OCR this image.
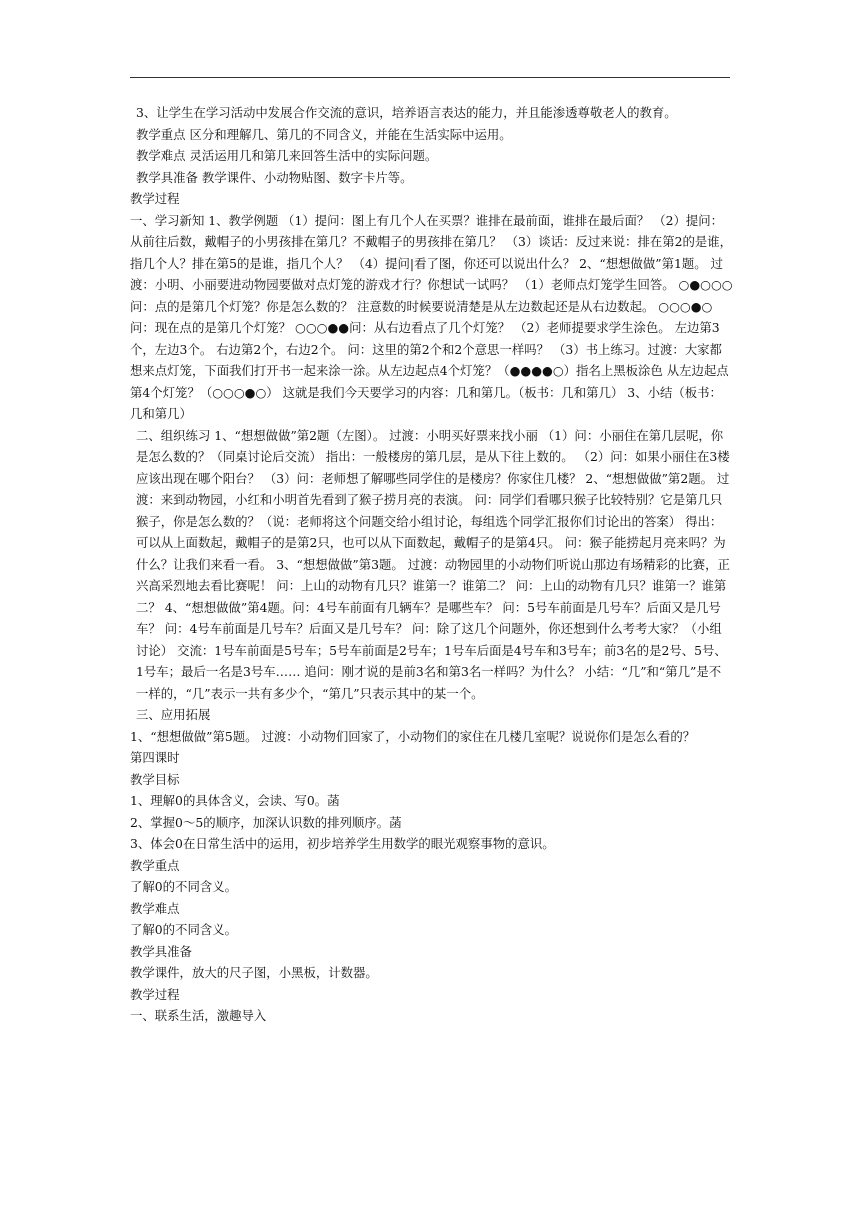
3、让学生在学习活动中发展合作交流的意识，培养语言表达的能力，并且能渗透尊敬老人的教育。

教学重点 区分和理解几、第几的不同含义，并能在生活实际中运用。

教学难点 灵活运用几和第几来回答生活中的实际问题。

教学具准备 教学课件、小动物贴图、数字卡片等。

教学过程

一、学习新知 1、教学例题 （1）提问：图上有几个人在买票？谁排在最前面，谁排在最后面？ （2）提问：从前往后数，戴帽子的小男孩排在第几？不戴帽子的男孩排在第几？ （3）谈话：反过来说：排在第2的是谁，指几个人？排在第5的是谁，指几个人？ （4）提问|看了图，你还可以说出什么？ 2、“想想做做”第1题。 过渡：小明、小丽要进动物园要做对点灯笼的游戏才行？你想试一试吗？ （1）老师点灯笼学生回答。 ○●○○○问：点的是第几个灯笼？你是怎么数的？ 注意数的时候要说清楚是从左边数起还是从右边数起。 ○○○●○问：现在点的是第几个灯笼？ ○○○●●问：从右边看点了几个灯笼？ （2）老师提要求学生涂色。 左边第3个，左边3个。 右边第2个，右边2个。 问：这里的第2个和2个意思一样吗？ （3）书上练习。过渡：大家都想来点灯笼，下面我们打开书一起来涂一涂。从左边起点4个灯笼？（●●●●○）指名上黑板涂色 从左边起点第4个灯笼？（○○○●○） 这就是我们今天要学习的内容：几和第几。（板书：几和第几） 3、小结（板书：几和第几）

二、组织练习 1、“想想做做”第2题（左图）。 过渡：小明买好票来找小丽 （1）问：小丽住在第几层呢，你是怎么数的？（同桌讨论后交流） 指出：一般楼房的第几层，是从下往上数的。 （2）问：如果小丽住在3楼应该出现在哪个阳台？ （3）问：老师想了解哪些同学住的是楼房？你家住几楼？ 2、“想想做做”第2题。 过渡：来到动物园，小红和小明首先看到了猴子捞月亮的表演。 问：同学们看哪只猴子比较特别？它是第几只猴子，你是怎么数的？（说：老师将这个问题交给小组讨论，每组选个同学汇报你们讨论出的答案） 得出：可以从上面数起，戴帽子的是第2只，也可以从下面数起，戴帽子的是第4只。 问：猴子能捞起月亮来吗？为什么？让我们来看一看。 3、“想想做做”第3题。 过渡：动物园里的小动物们听说山那边有场精彩的比赛，正兴高采烈地去看比赛呢！ 问：上山的动物有几只？谁第一？谁第二？ 问：上山的动物有几只？谁第一？谁第二？ 4、“想想做做”第4题。问：4号车前面有几辆车？是哪些车？ 问：5号车前面是几号车？后面又是几号车？ 问：4号车前面是几号车？后面又是几号车？ 问：除了这几个问题外，你还想到什么考考大家？（小组讨论） 交流：1号车前面是5号车；5号车前面是2号车；1号车后面是4号车和3号车；前3名的是2号、5号、1号车；最后一名是3号车…… 追问：刚才说的是前3名和第3名一样吗？为什么？ 小结：“几”和“第几”是不一样的，“几”表示一共有多少个，“第几”只表示其中的某一个。

三、应用拓展

1、“想想做做”第5题。 过渡：小动物们回家了，小动物们的家住在几楼几室呢？说说你们是怎么看的？

第四课时

教学目标

1、理解0的具体含义，会读、写0。菡

2、掌握0～5的顺序，加深认识数的排列顺序。菡

3、体会0在日常生活中的运用，初步培养学生用数学的眼光观察事物的意识。

教学重点

了解0的不同含义。

教学难点

了解0的不同含义。

教学具准备

教学课件，放大的尺子图，小黑板，计数器。

教学过程

一、联系生活，激趣导入
